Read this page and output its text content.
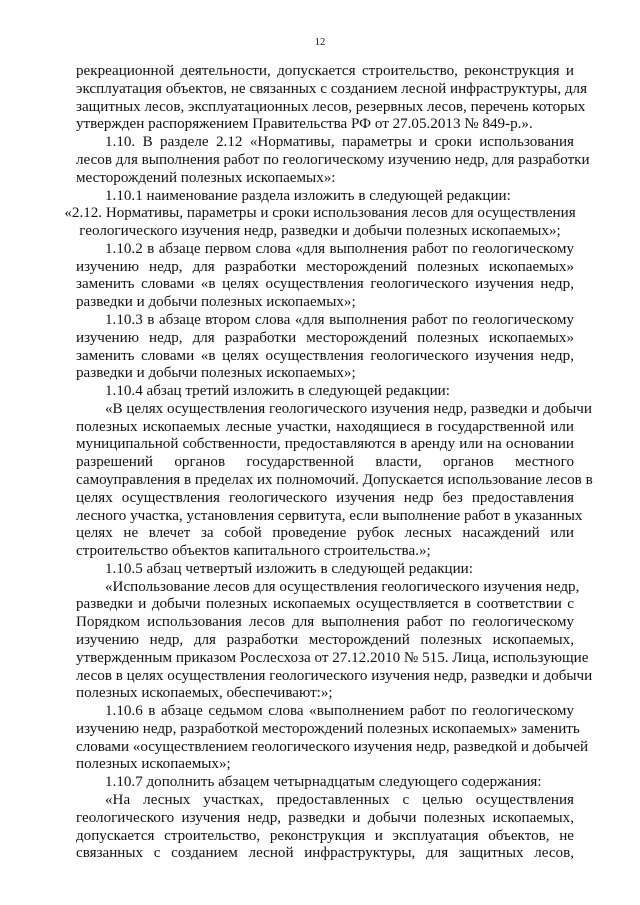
12
рекреационной деятельности, допускается строительство, реконструкция и
эксплуатация объектов, не связанных с созданием лесной инфраструктуры, для
защитных лесов, эксплуатационных лесов, резервных лесов, перечень которых
утвержден распоряжением Правительства РФ от 27.05.2013 № 849-р.».
1.10. В разделе 2.12 «Нормативы, параметры и сроки использования
лесов для выполнения работ по геологическому изучению недр, для разработки
месторождений полезных ископаемых»:
1.10.1 наименование раздела изложить в следующей редакции:
«2.12. Нормативы, параметры и сроки использования лесов для осуществления
геологического изучения недр, разведки и добычи полезных ископаемых»;
1.10.2 в абзаце первом слова «для выполнения работ по геологическому
изучению недр, для разработки месторождений полезных ископаемых»
заменить словами «в целях осуществления геологического изучения недр,
разведки и добычи полезных ископаемых»;
1.10.3 в абзаце втором слова «для выполнения работ по геологическому
изучению недр, для разработки месторождений полезных ископаемых»
заменить словами «в целях осуществления геологического изучения недр,
разведки и добычи полезных ископаемых»;
1.10.4 абзац третий изложить в следующей редакции:
«В целях осуществления геологического изучения недр, разведки и добычи
полезных ископаемых лесные участки, находящиеся в государственной или
муниципальной собственности, предоставляются в аренду или на основании
разрешений органов государственной власти, органов местного
самоуправления в пределах их полномочий. Допускается использование лесов в
целях осуществления геологического изучения недр без предоставления
лесного участка, установления сервитута, если выполнение работ в указанных
целях не влечет за собой проведение рубок лесных насаждений или
строительство объектов капитального строительства.»;
1.10.5 абзац четвертый изложить в следующей редакции:
«Использование лесов для осуществления геологического изучения недр,
разведки и добычи полезных ископаемых осуществляется в соответствии с
Порядком использования лесов для выполнения работ по геологическому
изучению недр, для разработки месторождений полезных ископаемых,
утвержденным приказом Рослесхоза от 27.12.2010 № 515. Лица, использующие
лесов в целях осуществления геологического изучения недр, разведки и добычи
полезных ископаемых, обеспечивают:»;
1.10.6 в абзаце седьмом слова «выполнением работ по геологическому
изучению недр, разработкой месторождений полезных ископаемых» заменить
словами «осуществлением геологического изучения недр, разведкой и добычей
полезных ископаемых»;
1.10.7 дополнить абзацем четырнадцатым следующего содержания:
«На лесных участках, предоставленных с целью осуществления
геологического изучения недр, разведки и добычи полезных ископаемых,
допускается строительство, реконструкция и эксплуатация объектов, не
связанных с созданием лесной инфраструктуры, для защитных лесов,
